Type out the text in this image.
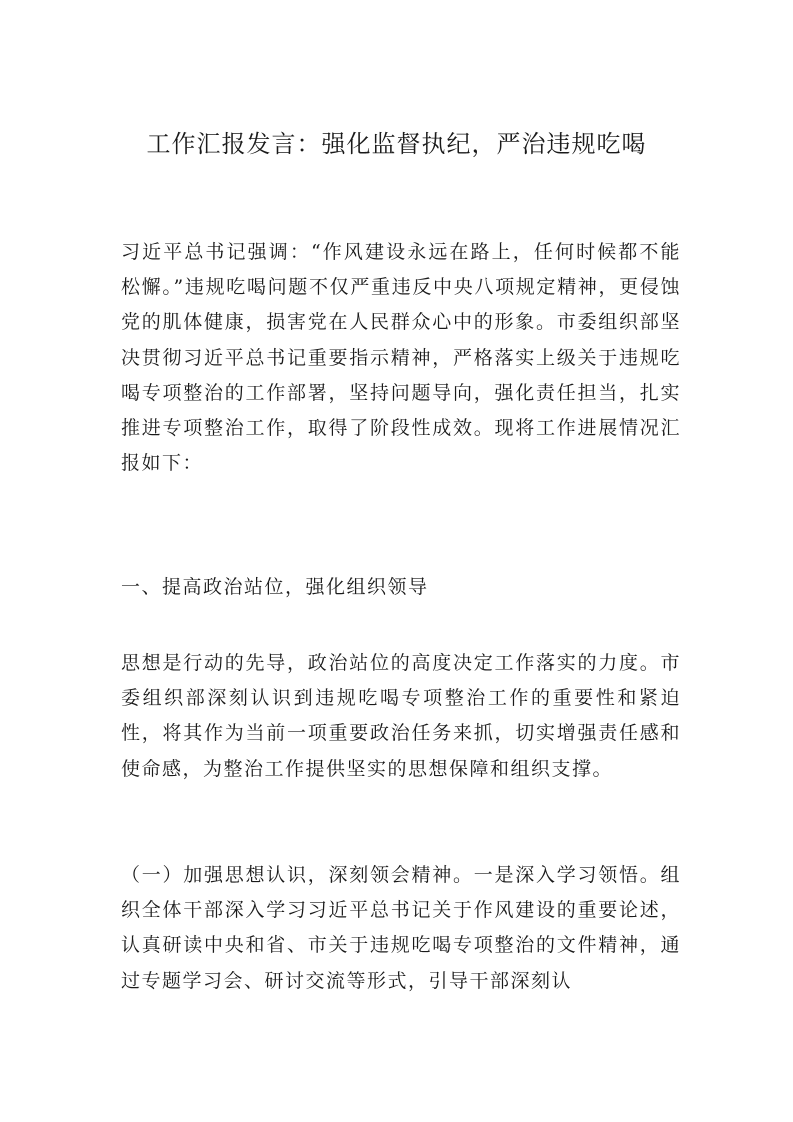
工作汇报发言：强化监督执纪，严治违规吃喝

习近平总书记强调：“作风建设永远在路上，任何时候都不能松懈。”违规吃喝问题不仅严重违反中央八项规定精神，更侵蚀党的肌体健康，损害党在人民群众心中的形象。市委组织部坚决贯彻习近平总书记重要指示精神，严格落实上级关于违规吃喝专项整治的工作部署，坚持问题导向，强化责任担当，扎实推进专项整治工作，取得了阶段性成效。现将工作进展情况汇报如下：

一、提高政治站位，强化组织领导

思想是行动的先导，政治站位的高度决定工作落实的力度。市委组织部深刻认识到违规吃喝专项整治工作的重要性和紧迫性，将其作为当前一项重要政治任务来抓，切实增强责任感和使命感，为整治工作提供坚实的思想保障和组织支撑。

（一）加强思想认识，深刻领会精神。一是深入学习领悟。组织全体干部深入学习习近平总书记关于作风建设的重要论述，认真研读中央和省、市关于违规吃喝专项整治的文件精神，通过专题学习会、研讨交流等形式，引导干部深刻认
